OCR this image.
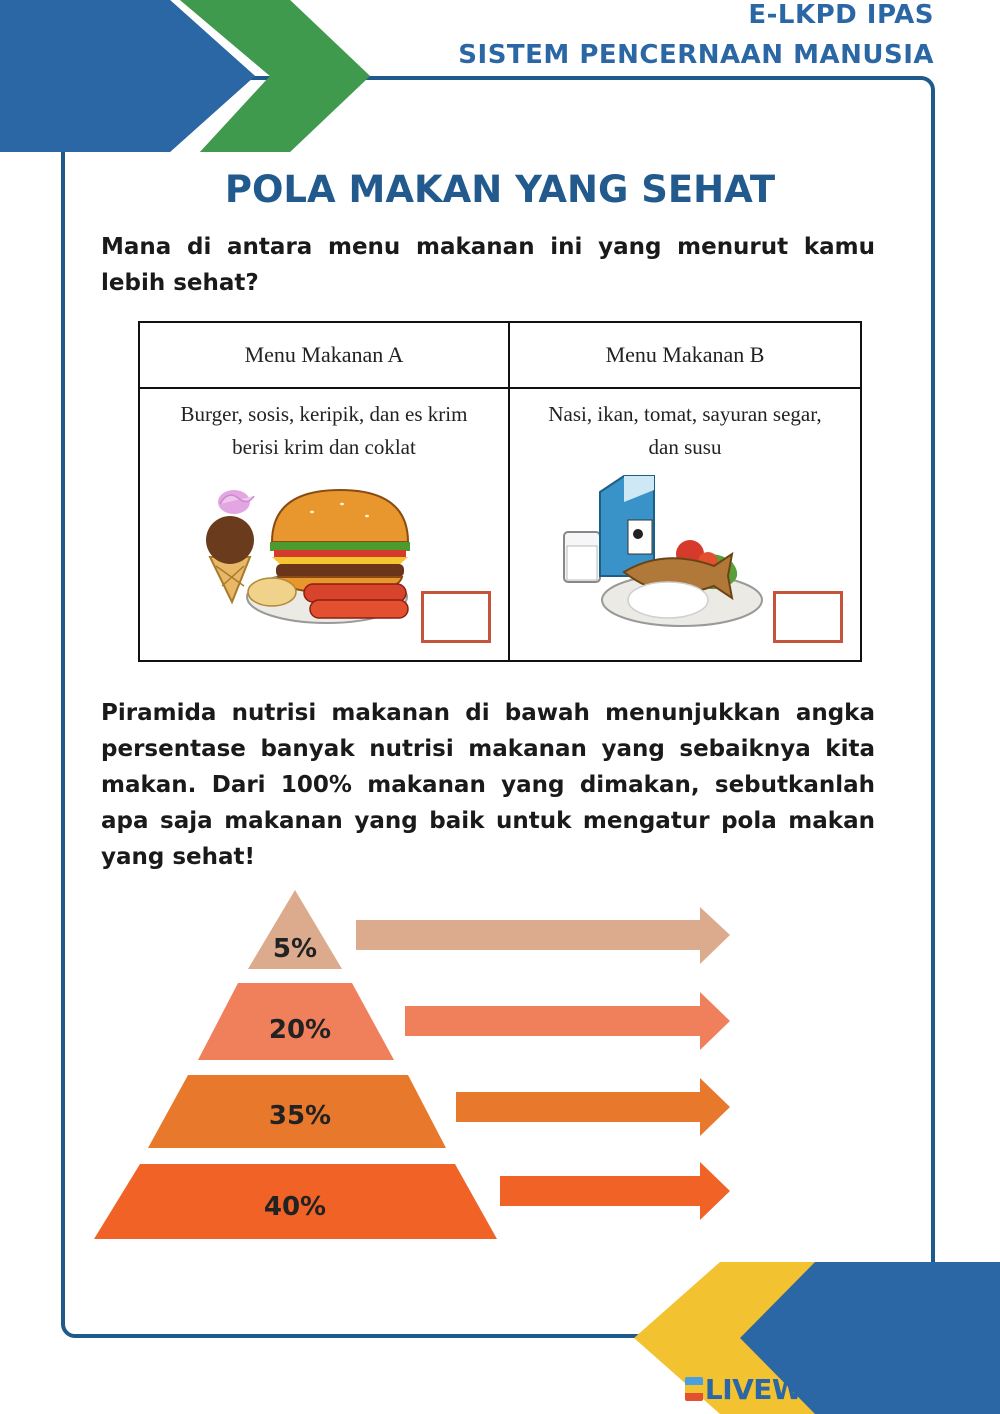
E-LKPD IPAS
SISTEM PENCERNAAN MANUSIA
POLA MAKAN YANG SEHAT

Mana di antara menu makanan ini yang menurut kamu lebih sehat?

Menu Makanan A	Menu Makanan B

Burger, sosis, keripik, dan es krim berisi krim dan coklat	Nasi, ikan, tomat, sayuran segar, dan susu

Piramida nutrisi makanan di bawah menunjukkan angka persentase banyak nutrisi makanan yang sebaiknya kita makan. Dari 100% makanan yang dimakan, sebutkanlah apa saja makanan yang baik untuk mengatur pola makan yang sehat!

5%
20%
35%
40%
LIVEWORKSHEETS
